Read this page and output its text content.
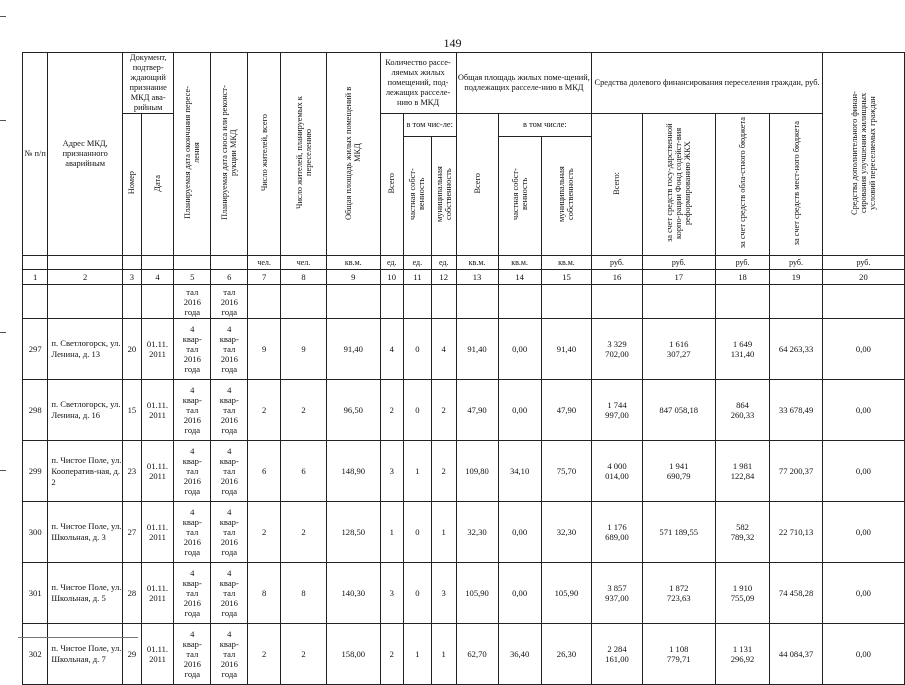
149
№ п/п	Адрес МКД, признанного аварийным	Документ, подтвер-ждающий признание МКД ава-рийным		Планируемая дата окончания пересе-ления	Планируемая дата сноса или реконст-рукции МКД	Число жителей, всего	Число жителей, планируемых к переселению	Общая площадь жилых помещений в МКД	Количество рассе-ляемых жилых помещений, под-лежащих расселе-нию в МКД			Общая площадь жилых поме-щений, подлежащих расселе-нию в МКД			Средства долевого финансирования переселения граждан, руб.				Средства дополнительного финан-сирования улучшения жилищных условий переселяемых граждан
		Номер	Дата						Всего	в том чис-ле:		Всего	в том числе:		Всего:	за счет средств госу-дарственной корпо-рации Фонд содейст-вия реформированию ЖКХ	за счет средств обла-стного бюджета	за счет средств мест-ного бюджета	
										частная собст-венность	муниципальная собственность		частная собст-венность	муниципальная собственность					
						чел.	чел.	кв.м.	ед.	ед.	ед.	кв.м.	кв.м.	кв.м.	руб.	руб.	руб.	руб.	руб.
1	2	3	4	5	6	7	8	9	10	11	12	13	14	15	16	17	18	19	20

				тал
2016
года	тал
2016
года														

297	п. Светлогорск, ул. Ленина, д. 13	20	01.11. 2011	4
квар-
тал
2016
года	4
квар-
тал
2016
года	9	9	91,40	4	0	4	91,40	0,00	91,40	3 329
702,00	1 616
307,27	1 649
131,40	64 263,33	0,00
298	п. Светлогорск, ул. Ленина, д. 16	15	01.11. 2011	4
квар-
тал
2016
года	4
квар-
тал
2016
года	2	2	96,50	2	0	2	47,90	0,00	47,90	1 744
997,00	847 058,18	864
260,33	33 678,49	0,00
299	п. Чистое Поле, ул. Кооператив-ная, д. 2	23	01.11. 2011	4
квар-
тал
2016
года	4
квар-
тал
2016
года	6	6	148,90	3	1	2	109,80	34,10	75,70	4 000
014,00	1 941
690,79	1 981
122,84	77 200,37	0,00
300	п. Чистое Поле, ул. Школьная, д. 3	27	01.11. 2011	4
квар-
тал
2016
года	4
квар-
тал
2016
года	2	2	128,50	1	0	1	32,30	0,00	32,30	1 176
689,00	571 189,55	582
789,32	22 710,13	0,00
301	п. Чистое Поле, ул. Школьная, д. 5	28	01.11. 2011	4
квар-
тал
2016
года	4
квар-
тал
2016
года	8	8	140,30	3	0	3	105,90	0,00	105,90	3 857
937,00	1 872
723,63	1 910
755,09	74 458,28	0,00
302	п. Чистое Поле, ул. Школьная, д. 7	29	01.11. 2011	4
квар-
тал
2016
года	4
квар-
тал
2016
года	2	2	158,00	2	1	1	62,70	36,40	26,30	2 284
161,00	1 108
779,71	1 131
296,92	44 084,37	0,00
